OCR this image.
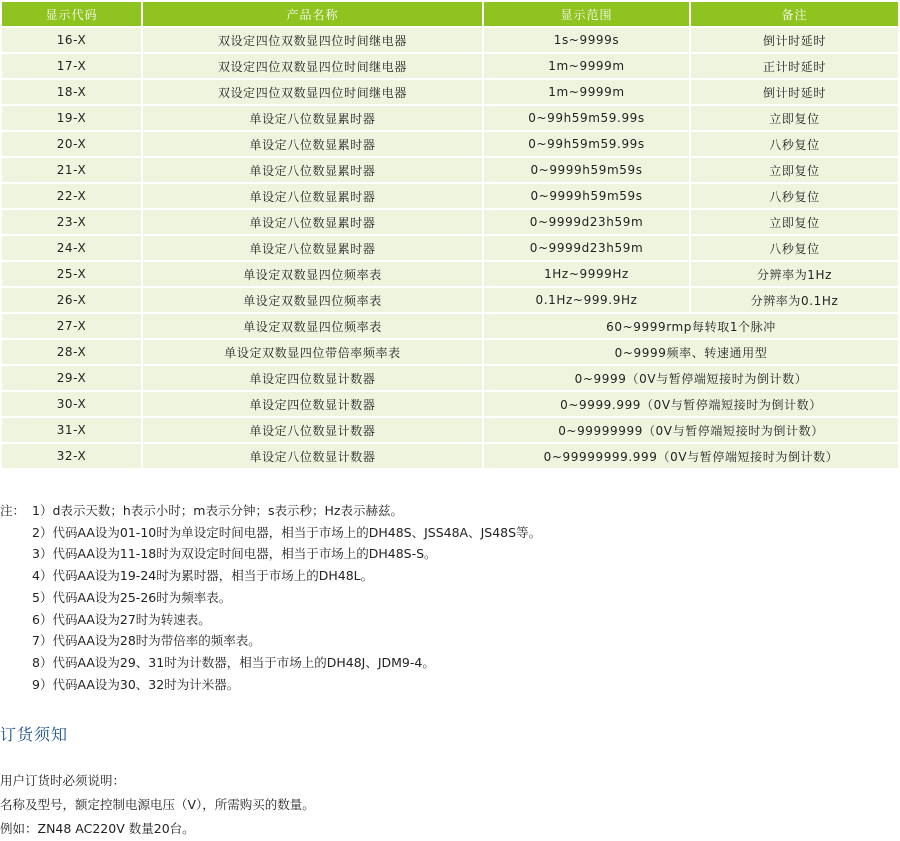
显示代码	产品名称	显示范围	备注
16-X	双设定四位双数显四位时间继电器	1s~9999s	倒计时延时
17-X	双设定四位双数显四位时间继电器	1m~9999m	正计时延时
18-X	双设定四位双数显四位时间继电器	1m~9999m	倒计时延时
19-X	单设定八位数显累时器	0~99h59m59.99s	立即复位
20-X	单设定八位数显累时器	0~99h59m59.99s	八秒复位
21-X	单设定八位数显累时器	0~9999h59m59s	立即复位
22-X	单设定八位数显累时器	0~9999h59m59s	八秒复位
23-X	单设定八位数显累时器	0~9999d23h59m	立即复位
24-X	单设定八位数显累时器	0~9999d23h59m	八秒复位
25-X	单设定双数显四位频率表	1Hz~9999Hz	分辨率为1Hz
26-X	单设定双数显四位频率表	0.1Hz~999.9Hz	分辨率为0.1Hz
27-X	单设定双数显四位频率表	60~9999rmp每转取1个脉冲	
28-X	单设定双数显四位带倍率频率表	0~9999频率、转速通用型	
29-X	单设定四位数显计数器	0~9999（0V与暂停端短接时为倒计数）	
30-X	单设定四位数显计数器	0~9999.999（0V与暂停端短接时为倒计数）	
31-X	单设定八位数显计数器	0~99999999（0V与暂停端短接时为倒计数）	
32-X	单设定八位数显计数器	0~99999999.999（0V与暂停端短接时为倒计数）	
注： 1）d表示天数；h表示小时；m表示分钟；s表示秒；Hz表示赫兹。
2）代码AA设为01-10时为单设定时间电器，相当于市场上的DH48S、JSS48A、JS48S等。
3）代码AA设为11-18时为双设定时间电器，相当于市场上的DH48S-S。
4）代码AA设为19-24时为累时器，相当于市场上的DH48L。
5）代码AA设为25-26时为频率表。
6）代码AA设为27时为转速表。
7）代码AA设为28时为带倍率的频率表。
8）代码AA设为29、31时为计数器，相当于市场上的DH48J、JDM9-4。
9）代码AA设为30、32时为计米器。
订货须知
用户订货时必须说明：
名称及型号，额定控制电源电压（V），所需购买的数量。
例如：ZN48 AC220V 数量20台。
